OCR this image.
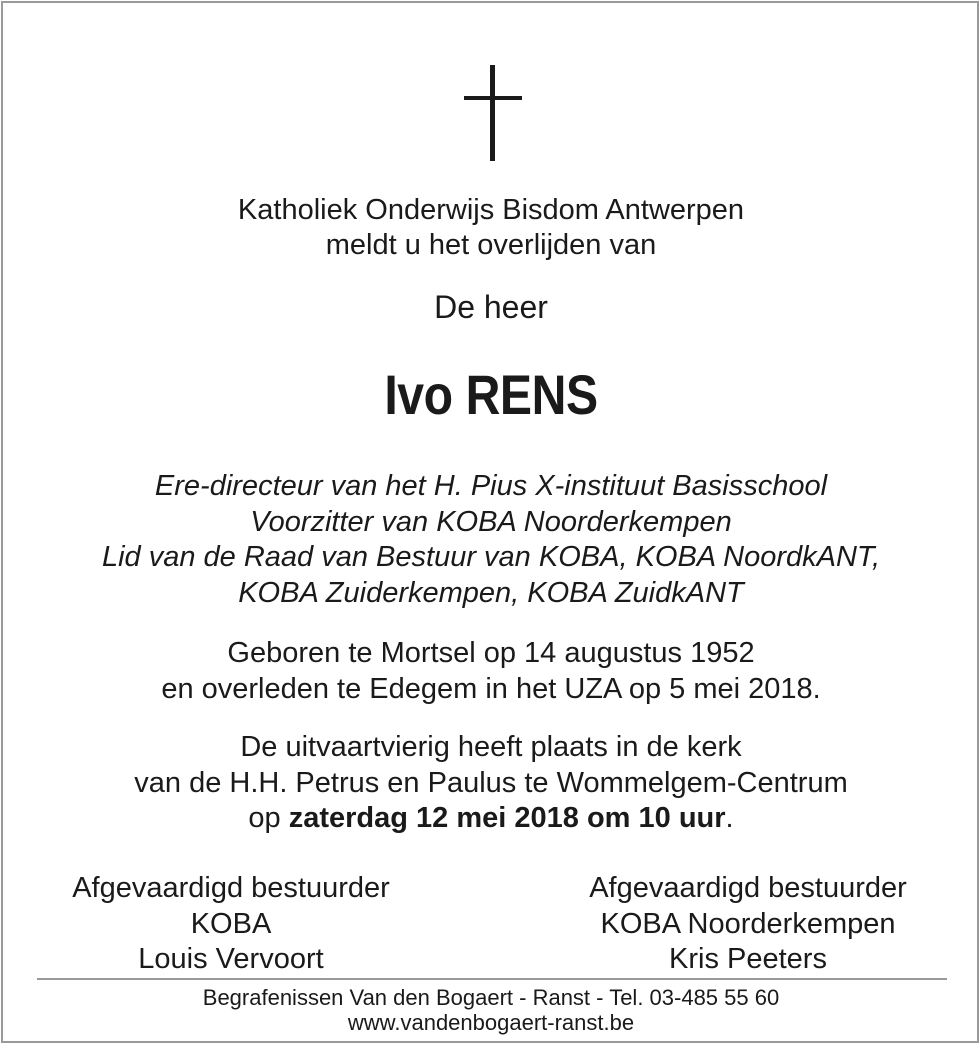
Katholiek Onderwijs Bisdom Antwerpen
meldt u het overlijden van
De heer
Ivo RENS
Ere-directeur van het H. Pius X-instituut Basisschool
Voorzitter van KOBA Noorderkempen
Lid van de Raad van Bestuur van KOBA, KOBA NoordkANT,
KOBA Zuiderkempen, KOBA ZuidkANT
Geboren te Mortsel op 14 augustus 1952
en overleden te Edegem in het UZA op 5 mei 2018.
De uitvaartvierig heeft plaats in de kerk
van de H.H. Petrus en Paulus te Wommelgem-Centrum
op zaterdag 12 mei 2018 om 10 uur.
Afgevaardigd bestuurder
KOBA
Louis Vervoort
Afgevaardigd bestuurder
KOBA Noorderkempen
Kris Peeters
Begrafenissen Van den Bogaert - Ranst - Tel. 03-485 55 60
www.vandenbogaert-ranst.be
